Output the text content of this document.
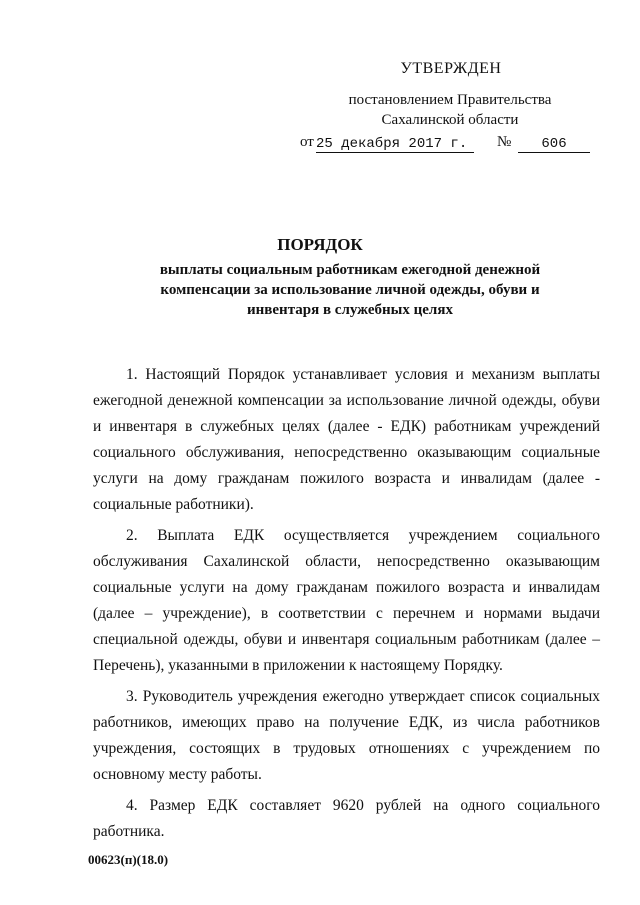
УТВЕРЖДЕН
постановлением Правительства
Сахалинской области
от 25 декабря 2017 г.	№	606
ПОРЯДОК
выплаты социальным работникам ежегодной денежной компенсации за использование личной одежды, обуви и инвентаря в служебных целях

1. Настоящий Порядок устанавливает условия и механизм выплаты ежегодной денежной компенсации за использование личной одежды, обуви и инвентаря в служебных целях (далее - ЕДК) работникам учреждений социального обслуживания, непосредственно оказывающим социальные услуги на дому гражданам пожилого возраста и инвалидам (далее - социальные работники).

2. Выплата ЕДК осуществляется учреждением социального обслуживания Сахалинской области, непосредственно оказывающим социальные услуги на дому гражданам пожилого возраста и инвалидам (далее – учреждение), в соответствии с перечнем и нормами выдачи специальной одежды, обуви и инвентаря социальным работникам (далее – Перечень), указанными в приложении к настоящему Порядку.

3. Руководитель учреждения ежегодно утверждает список социальных работников, имеющих право на получение ЕДК, из числа работников учреждения, состоящих в трудовых отношениях с учреждением по основному месту работы.

4. Размер ЕДК составляет 9620 рублей на одного социального работника.

00623(п)(18.0)
